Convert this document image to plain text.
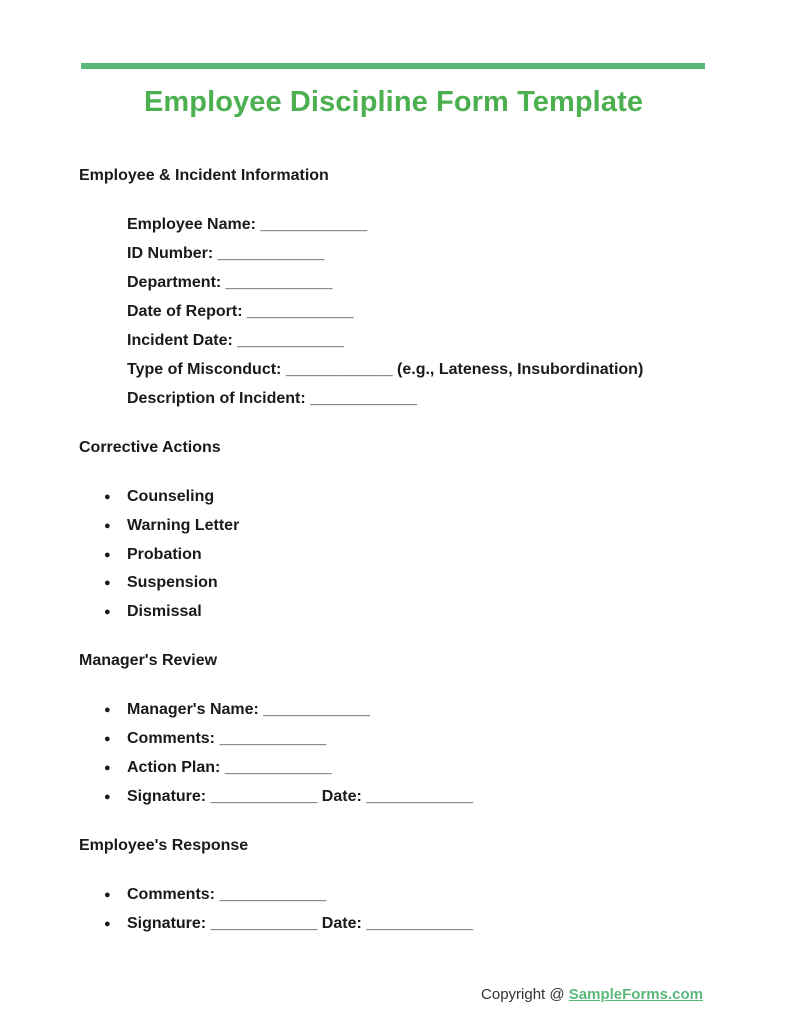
Employee Discipline Form Template
Employee & Incident Information
Employee Name: ____________
ID Number: ____________
Department: ____________
Date of Report: ____________
Incident Date: ____________
Type of Misconduct: ____________ (e.g., Lateness, Insubordination)
Description of Incident: ____________
Corrective Actions
● Counseling
● Warning Letter
● Probation
● Suspension
● Dismissal
Manager's Review
● Manager's Name: ____________
● Comments: ____________
● Action Plan: ____________
● Signature: ____________ Date: ____________
Employee's Response
● Comments: ____________
● Signature: ____________ Date: ____________
Copyright @ SampleForms.com
